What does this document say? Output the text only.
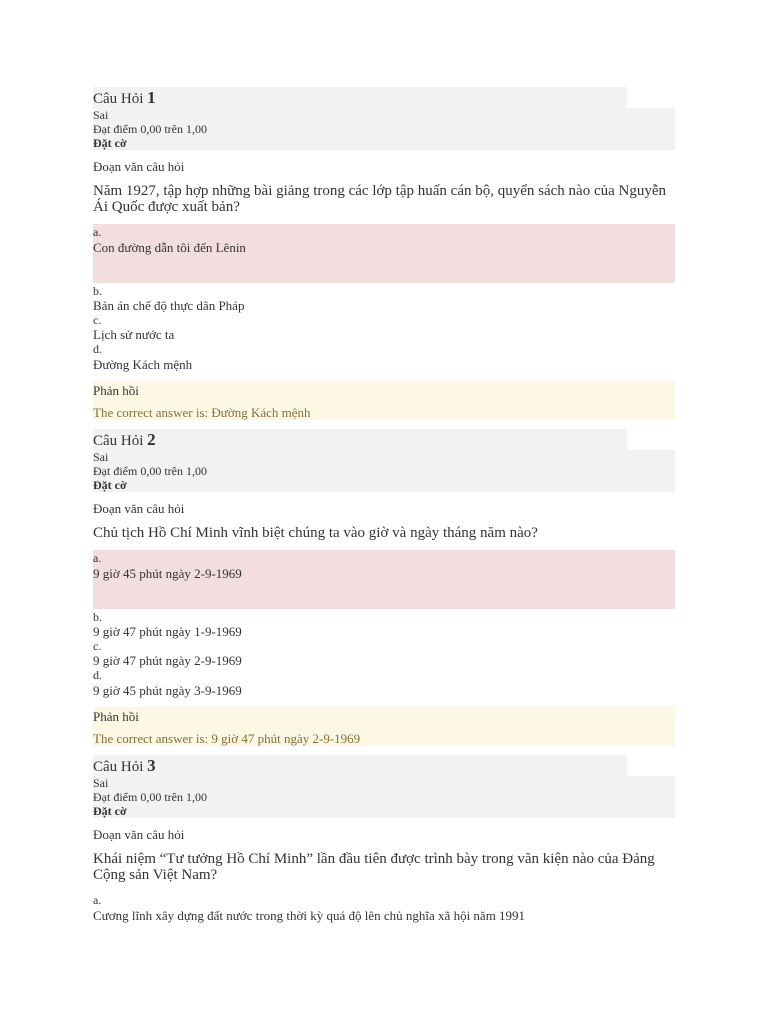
Câu Hỏi 1
Sai
Đạt điểm 0,00 trên 1,00
Đặt cờ
Đoạn văn câu hỏi
Năm 1927, tập hợp những bài giảng trong các lớp tập huấn cán bộ, quyển sách nào của Nguyễn Ái Quốc được xuất bản?
a.
Con đường dẫn tôi đến Lênin
b.
Bản án chế độ thực dân Pháp
c.
Lịch sử nước ta
d.
Đường Kách mệnh
Phản hồi
The correct answer is: Đường Kách mệnh
Câu Hỏi 2
Sai
Đạt điểm 0,00 trên 1,00
Đặt cờ
Đoạn văn câu hỏi
Chủ tịch Hồ Chí Minh vĩnh biệt chúng ta vào giờ và ngày tháng năm nào?
a.
9 giờ 45 phút ngày 2-9-1969
b.
9 giờ 47 phút ngày 1-9-1969
c.
9 giờ 47 phút ngày 2-9-1969
d.
9 giờ 45 phút ngày 3-9-1969
Phản hồi
The correct answer is: 9 giờ 47 phút ngày 2-9-1969
Câu Hỏi 3
Sai
Đạt điểm 0,00 trên 1,00
Đặt cờ
Đoạn văn câu hỏi
Khái niệm “Tư tưởng Hồ Chí Minh” lần đầu tiên được trình bày trong văn kiện nào của Đảng Cộng sản Việt Nam?
a.
Cương lĩnh xây dựng đất nước trong thời kỳ quá độ lên chủ nghĩa xã hội năm 1991
